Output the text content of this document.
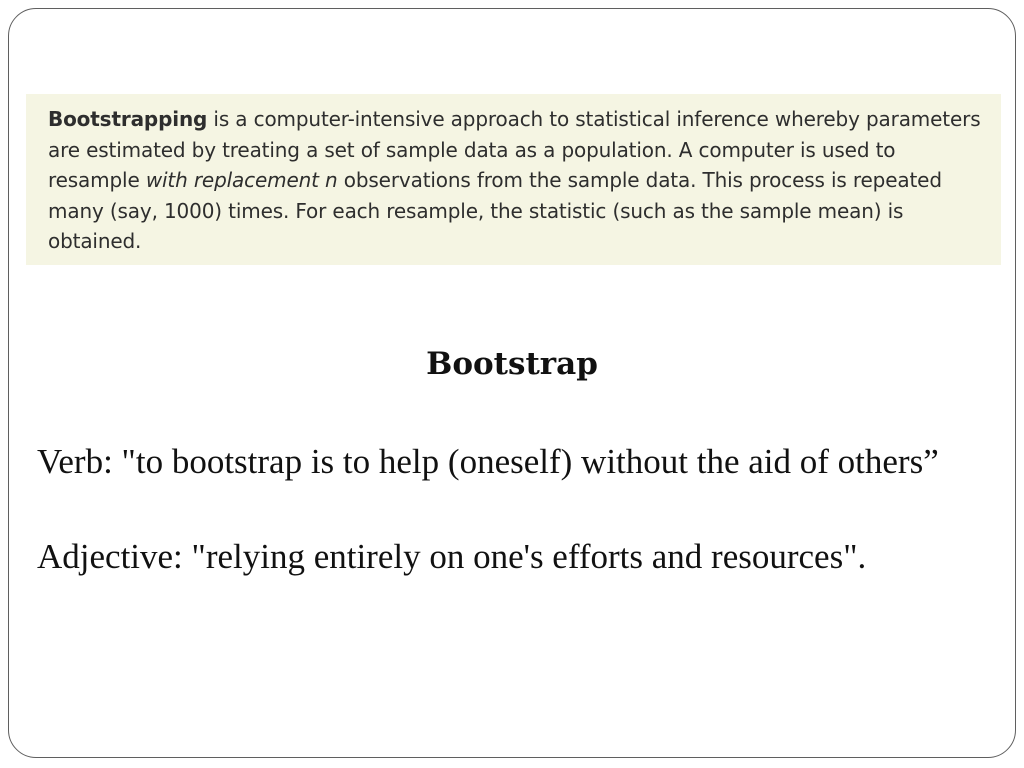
Bootstrapping is a computer-intensive approach to statistical inference whereby parameters are estimated by treating a set of sample data as a population. A computer is used to resample with replacement n observations from the sample data. This process is repeated many (say, 1000) times. For each resample, the statistic (such as the sample mean) is obtained.

Bootstrap
Verb: "to bootstrap is to help (oneself) without the aid of others”
Adjective: "relying entirely on one's efforts and resources".
